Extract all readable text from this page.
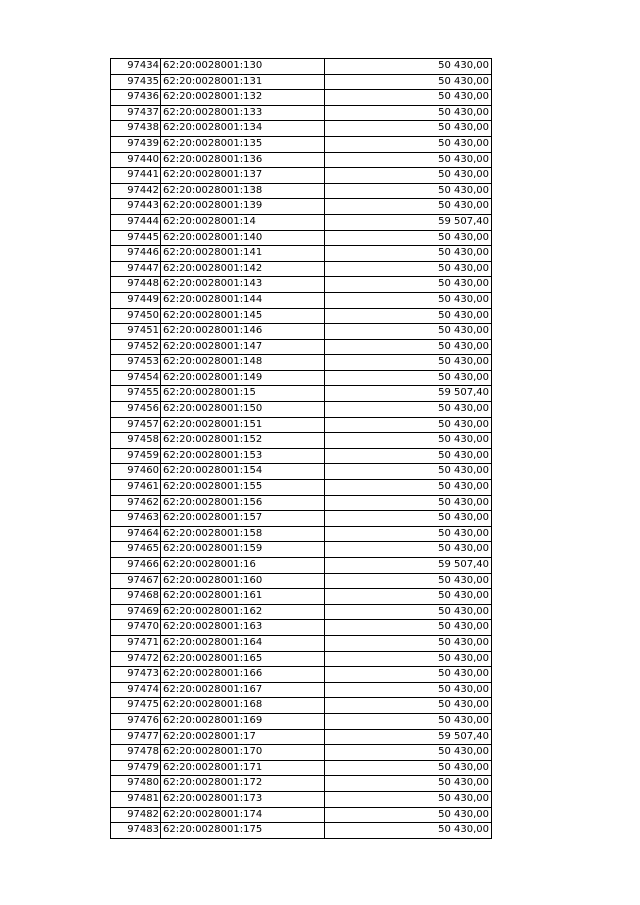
97434	62:20:0028001:130	50 430,00
97435	62:20:0028001:131	50 430,00
97436	62:20:0028001:132	50 430,00
97437	62:20:0028001:133	50 430,00
97438	62:20:0028001:134	50 430,00
97439	62:20:0028001:135	50 430,00
97440	62:20:0028001:136	50 430,00
97441	62:20:0028001:137	50 430,00
97442	62:20:0028001:138	50 430,00
97443	62:20:0028001:139	50 430,00
97444	62:20:0028001:14	59 507,40
97445	62:20:0028001:140	50 430,00
97446	62:20:0028001:141	50 430,00
97447	62:20:0028001:142	50 430,00
97448	62:20:0028001:143	50 430,00
97449	62:20:0028001:144	50 430,00
97450	62:20:0028001:145	50 430,00
97451	62:20:0028001:146	50 430,00
97452	62:20:0028001:147	50 430,00
97453	62:20:0028001:148	50 430,00
97454	62:20:0028001:149	50 430,00
97455	62:20:0028001:15	59 507,40
97456	62:20:0028001:150	50 430,00
97457	62:20:0028001:151	50 430,00
97458	62:20:0028001:152	50 430,00
97459	62:20:0028001:153	50 430,00
97460	62:20:0028001:154	50 430,00
97461	62:20:0028001:155	50 430,00
97462	62:20:0028001:156	50 430,00
97463	62:20:0028001:157	50 430,00
97464	62:20:0028001:158	50 430,00
97465	62:20:0028001:159	50 430,00
97466	62:20:0028001:16	59 507,40
97467	62:20:0028001:160	50 430,00
97468	62:20:0028001:161	50 430,00
97469	62:20:0028001:162	50 430,00
97470	62:20:0028001:163	50 430,00
97471	62:20:0028001:164	50 430,00
97472	62:20:0028001:165	50 430,00
97473	62:20:0028001:166	50 430,00
97474	62:20:0028001:167	50 430,00
97475	62:20:0028001:168	50 430,00
97476	62:20:0028001:169	50 430,00
97477	62:20:0028001:17	59 507,40
97478	62:20:0028001:170	50 430,00
97479	62:20:0028001:171	50 430,00
97480	62:20:0028001:172	50 430,00
97481	62:20:0028001:173	50 430,00
97482	62:20:0028001:174	50 430,00
97483	62:20:0028001:175	50 430,00
